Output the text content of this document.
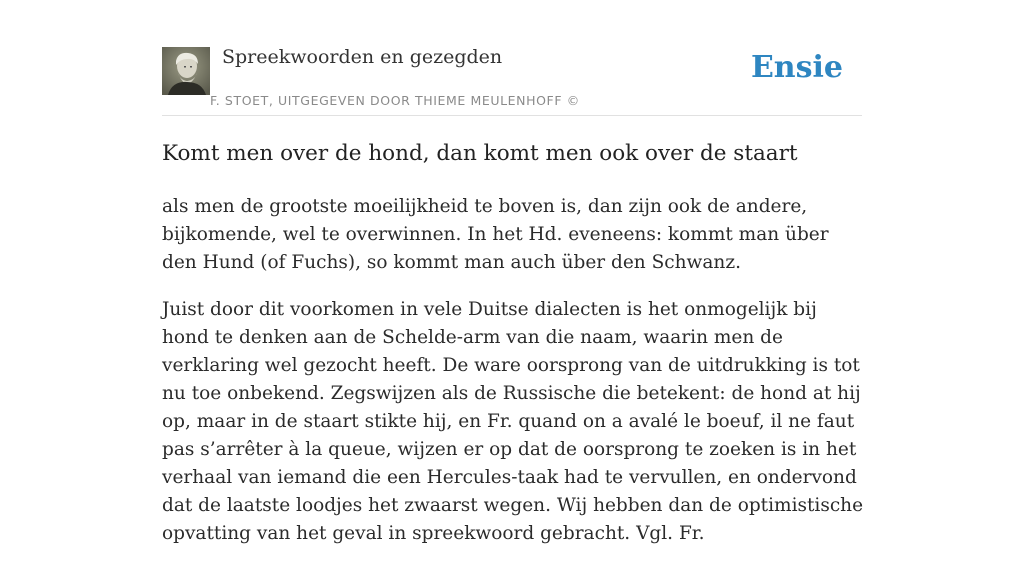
Spreekwoorden en gezegden
F. STOET, UITGEGEVEN DOOR THIEME MEULENHOFF ©
Ensie
Komt men over de hond, dan komt men ook over de staart

als men de grootste moeilijkheid te boven is, dan zijn ook de andere, bijkomende, wel te overwinnen. In het Hd. eveneens: kommt man über den Hund (of Fuchs), so kommt man auch über den Schwanz.

Juist door dit voorkomen in vele Duitse dialecten is het onmogelijk bij hond te denken aan de Schelde-arm van die naam, waarin men de verklaring wel gezocht heeft. De ware oorsprong van de uitdrukking is tot nu toe onbekend. Zegswijzen als de Russische die betekent: de hond at hij op, maar in de staart stikte hij, en Fr. quand on a avalé le boeuf, il ne faut pas s’arrêter à la queue, wijzen er op dat de oorsprong te zoeken is in het verhaal van iemand die een Hercules-taak had te vervullen, en ondervond dat de laatste loodjes het zwaarst wegen. Wij hebben dan de optimistische opvatting van het geval in spreekwoord gebracht. Vgl. Fr.
